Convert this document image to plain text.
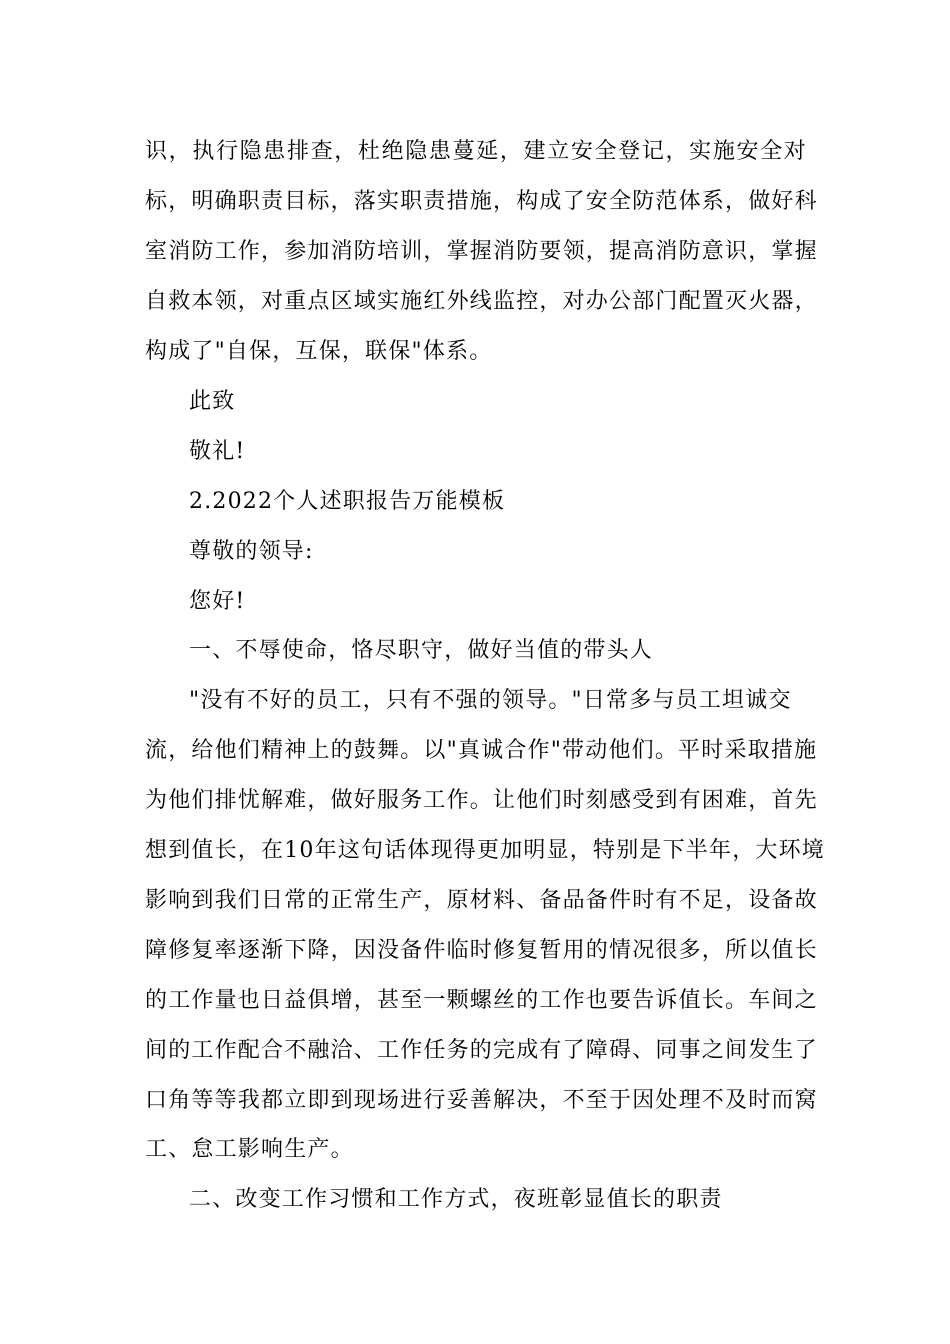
识，执行隐患排查，杜绝隐患蔓延，建立安全登记，实施安全对
标，明确职责目标，落实职责措施，构成了安全防范体系，做好科
室消防工作，参加消防培训，掌握消防要领，提高消防意识，掌握
自救本领，对重点区域实施红外线监控，对办公部门配置灭火器，
构成了"自保，互保，联保"体系。
此致
敬礼!
2.2022个人述职报告万能模板
尊敬的领导:
您好!
一、不辱使命，恪尽职守，做好当值的带头人
"没有不好的员工，只有不强的领导。"日常多与员工坦诚交
流，给他们精神上的鼓舞。以"真诚合作"带动他们。平时采取措施
为他们排忧解难，做好服务工作。让他们时刻感受到有困难，首先
想到值长，在10年这句话体现得更加明显，特别是下半年，大环境
影响到我们日常的正常生产，原材料、备品备件时有不足，设备故
障修复率逐渐下降，因没备件临时修复暂用的情况很多，所以值长
的工作量也日益俱增，甚至一颗螺丝的工作也要告诉值长。车间之
间的工作配合不融洽、工作任务的完成有了障碍、同事之间发生了
口角等等我都立即到现场进行妥善解决，不至于因处理不及时而窝
工、怠工影响生产。
二、改变工作习惯和工作方式，夜班彰显值长的职责
